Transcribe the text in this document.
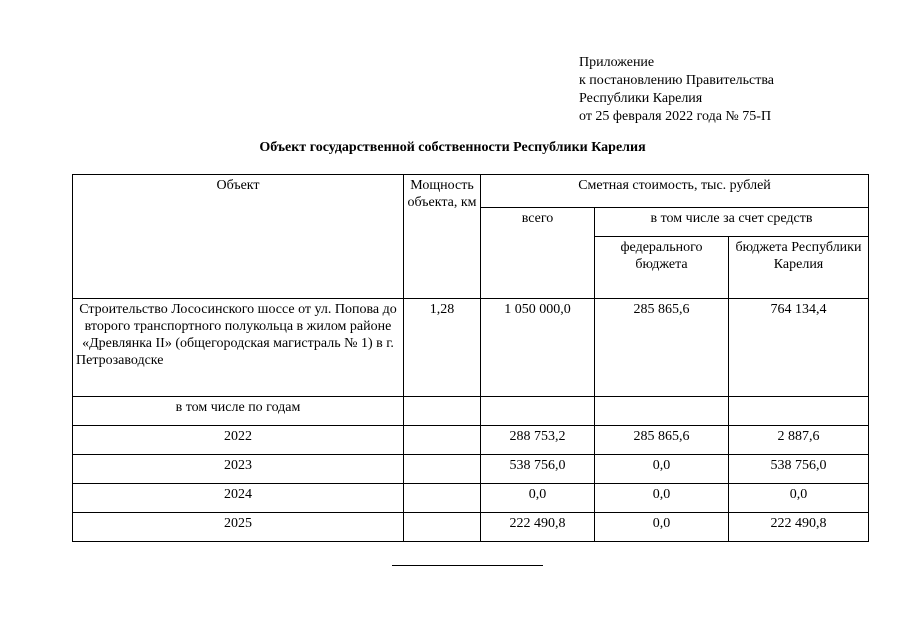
Приложение
к постановлению Правительства
Республики Карелия
от 25 февраля 2022 года № 75-П
Объект государственной собственности Республики Карелия
Объект	Мощность объекта, км	Сметная стоимость, тыс. рублей		
		всего	в том числе за счет средств	
			федерального бюджета	бюджета Республики Карелия
Строительство Лососинского шоссе от ул. Попова до второго транспортного полукольца в жилом районе «Древлянка II» (общегородская магистраль № 1) в г. Петрозаводске	1,28	1 050 000,0	285 865,6	764 134,4
в том числе по годам				
2022		288 753,2	285 865,6	2 887,6
2023		538 756,0	0,0	538 756,0
2024		0,0	0,0	0,0
2025		222 490,8	0,0	222 490,8
